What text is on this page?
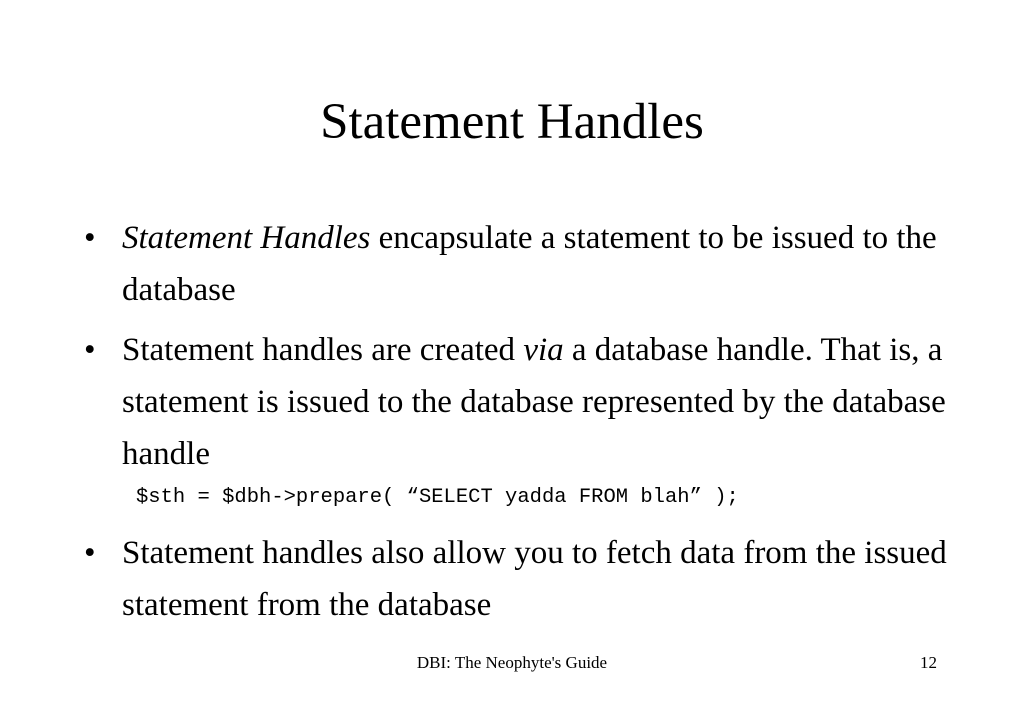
Statement Handles
• Statement Handles encapsulate a statement to be issued to the database
• Statement handles are created via a database handle. That is, a statement is issued to the database represented by the database handle
$sth = $dbh->prepare( “SELECT yadda FROM blah” );
• Statement handles also allow you to fetch data from the issued statement from the database
DBI: The Neophyte's Guide	12
